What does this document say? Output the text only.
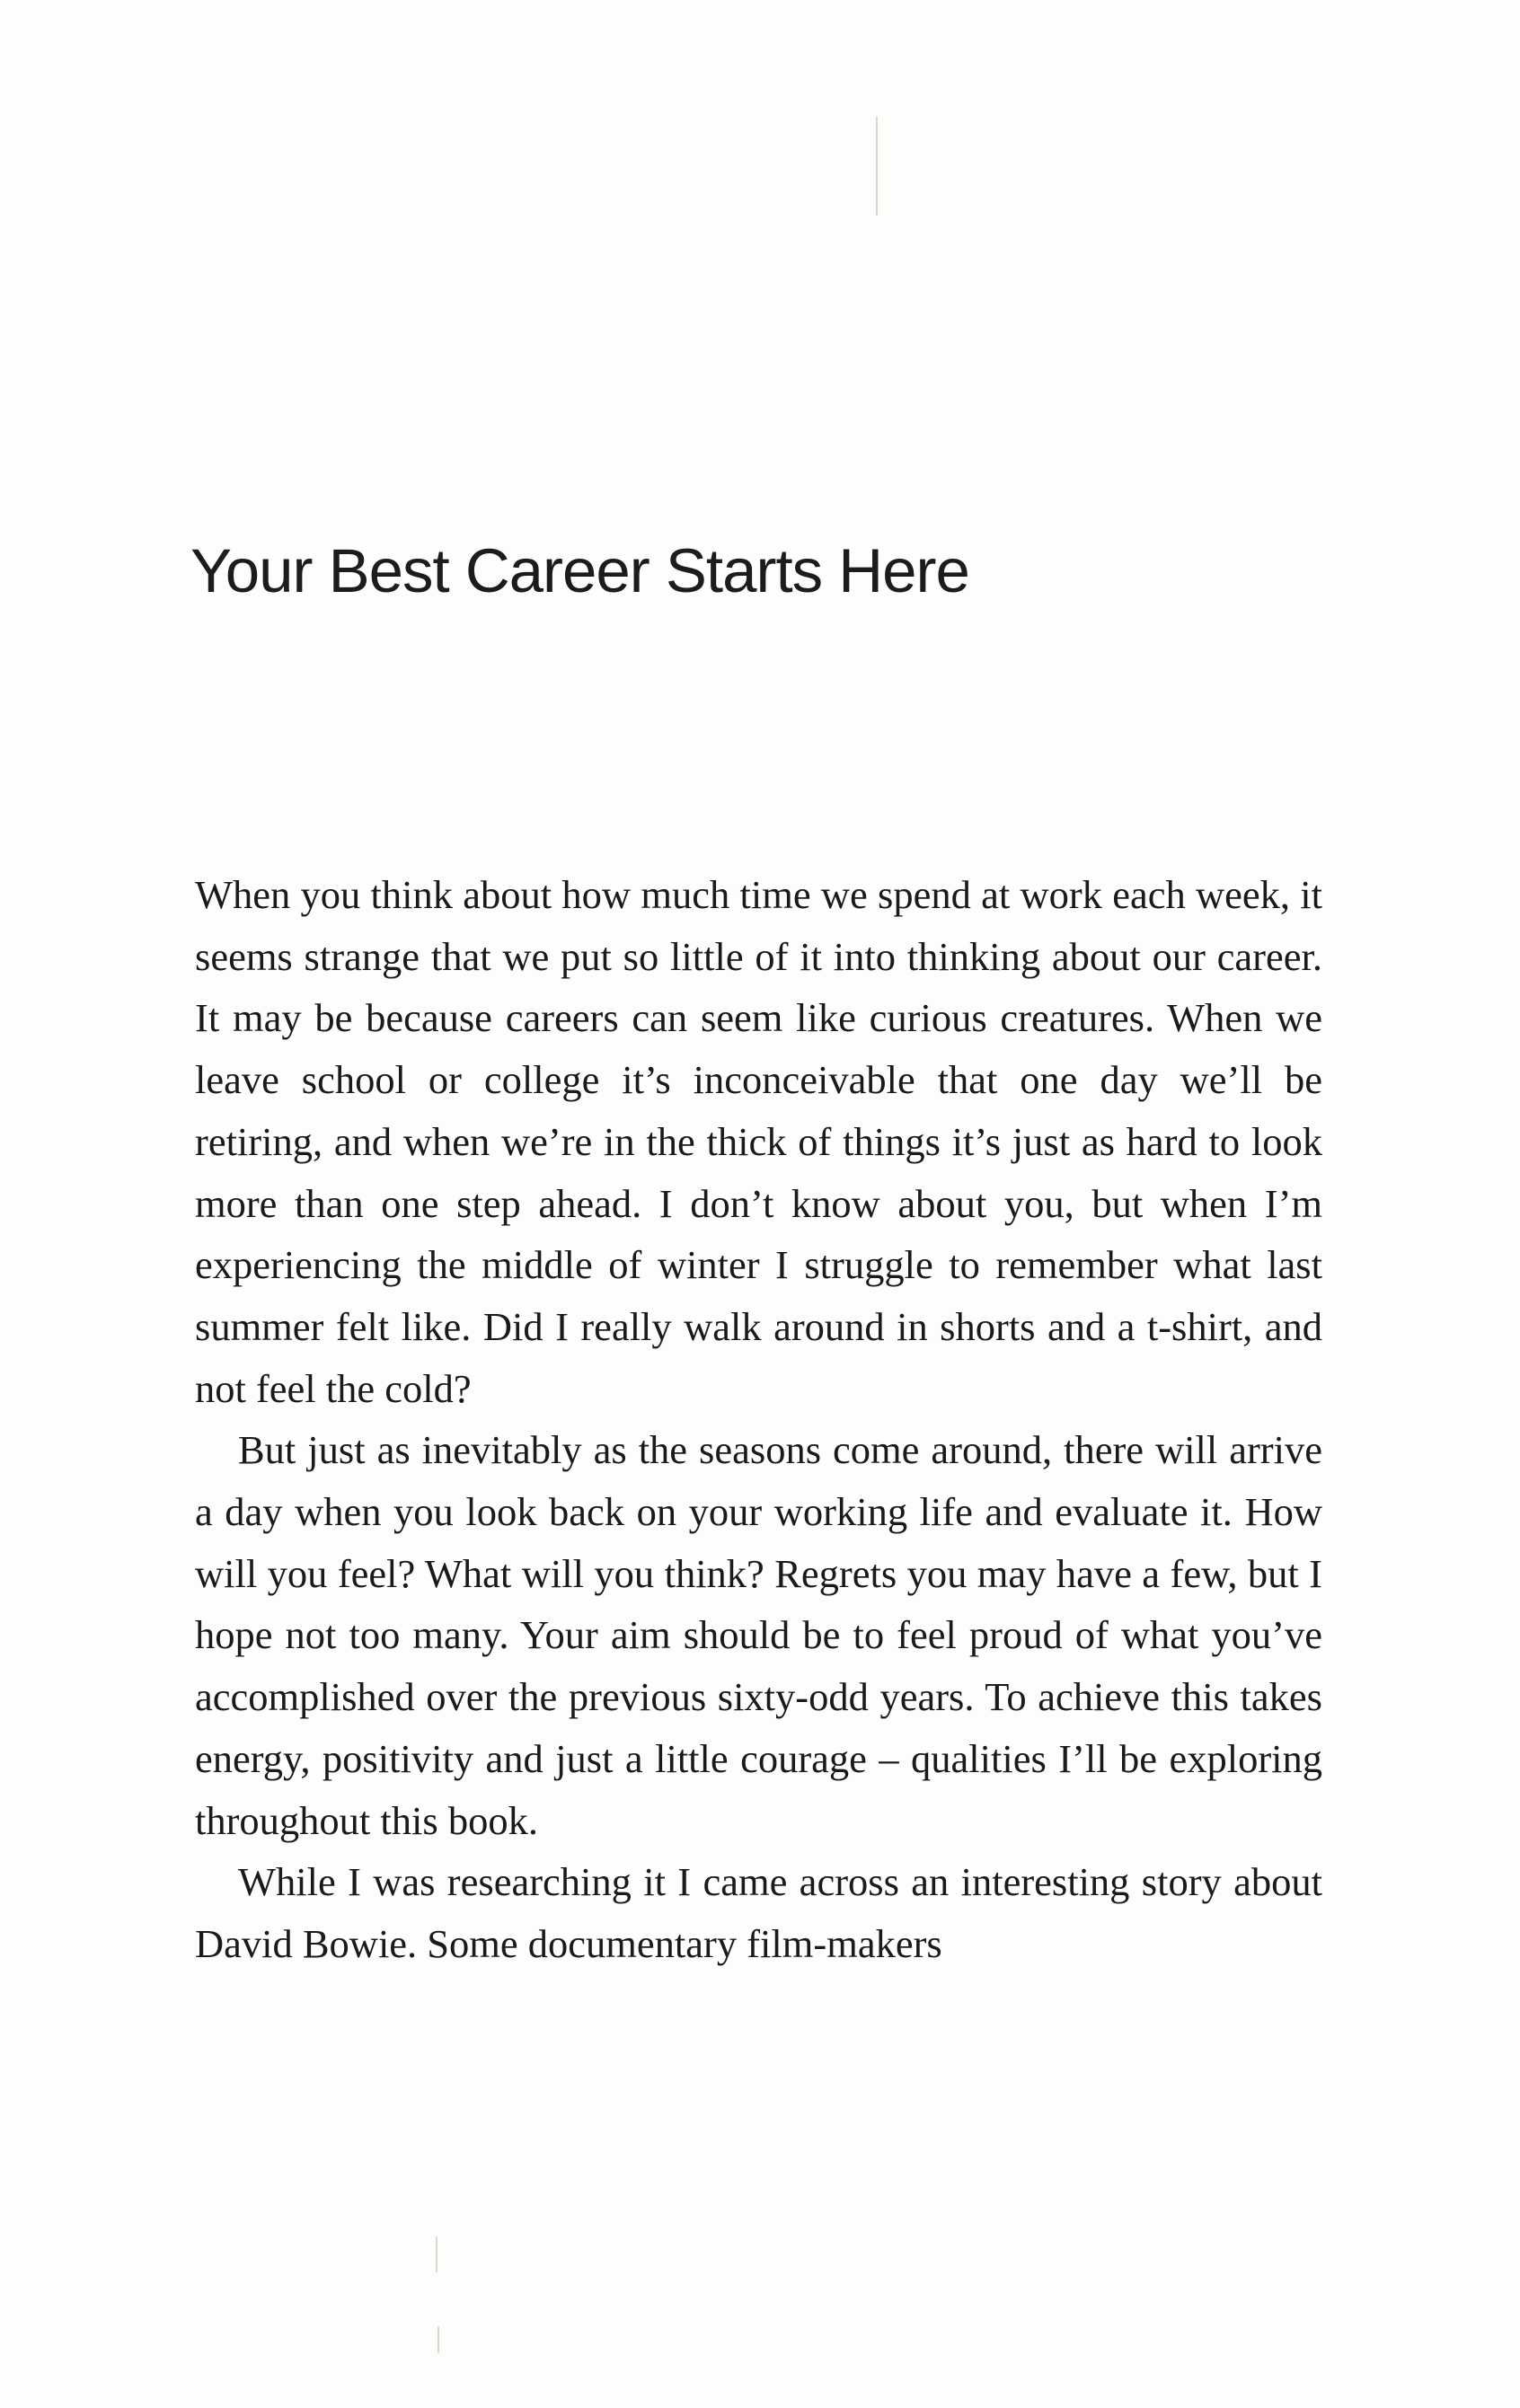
Your Best Career Starts Here

When you think about how much time we spend at work each week, it seems strange that we put so little of it into thinking about our career. It may be because careers can seem like curious creatures. When we leave school or college it’s inconceivable that one day we’ll be retiring, and when we’re in the thick of things it’s just as hard to look more than one step ahead. I don’t know about you, but when I’m experiencing the middle of winter I struggle to remember what last summer felt like. Did I really walk around in shorts and a t-shirt, and not feel the cold?

But just as inevitably as the seasons come around, there will arrive a day when you look back on your working life and evaluate it. How will you feel? What will you think? Regrets you may have a few, but I hope not too many. Your aim should be to feel proud of what you’ve accomplished over the previous sixty-odd years. To achieve this takes energy, positivity and just a little courage – qualities I’ll be exploring throughout this book.

While I was researching it I came across an interesting story about David Bowie. Some documentary film-makers
